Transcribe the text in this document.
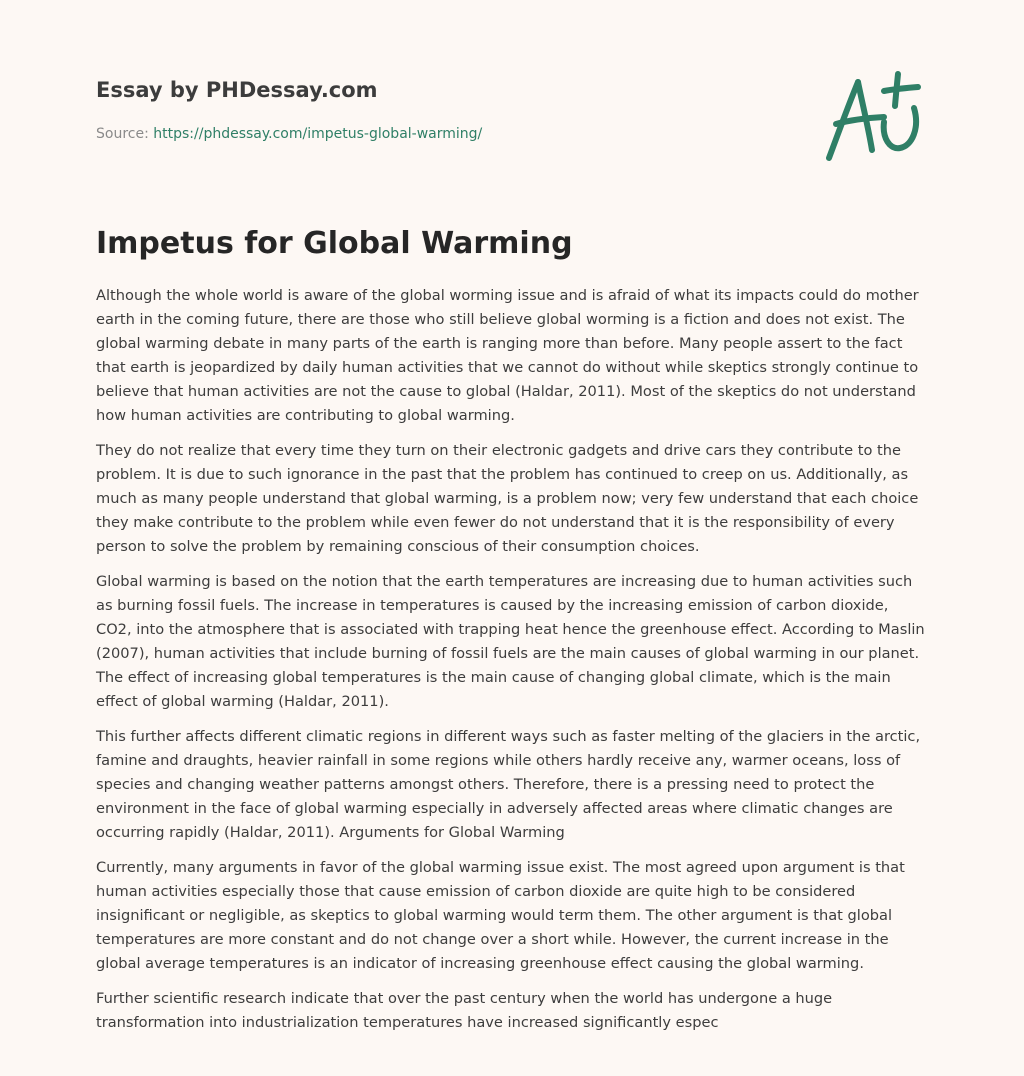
Essay by PHDessay.com
Source: https://phdessay.com/impetus-global-warming/
Impetus for Global Warming

Although the whole world is aware of the global worming issue and is afraid of what its impacts could do mother earth in the coming future, there are those who still believe global worming is a fiction and does not exist. The global warming debate in many parts of the earth is ranging more than before. Many people assert to the fact that earth is jeopardized by daily human activities that we cannot do without while skeptics strongly continue to believe that human activities are not the cause to global (Haldar, 2011). Most of the skeptics do not understand how human activities are contributing to global warming.

They do not realize that every time they turn on their electronic gadgets and drive cars they contribute to the problem. It is due to such ignorance in the past that the problem has continued to creep on us. Additionally, as much as many people understand that global warming, is a problem now; very few understand that each choice they make contribute to the problem while even fewer do not understand that it is the responsibility of every person to solve the problem by remaining conscious of their consumption choices.

Global warming is based on the notion that the earth temperatures are increasing due to human activities such as burning fossil fuels. The increase in temperatures is caused by the increasing emission of carbon dioxide, CO2, into the atmosphere that is associated with trapping heat hence the greenhouse effect. According to Maslin (2007), human activities that include burning of fossil fuels are the main causes of global warming in our planet. The effect of increasing global temperatures is the main cause of changing global climate, which is the main effect of global warming (Haldar, 2011).

This further affects different climatic regions in different ways such as faster melting of the glaciers in the arctic, famine and draughts, heavier rainfall in some regions while others hardly receive any, warmer oceans, loss of species and changing weather patterns amongst others. Therefore, there is a pressing need to protect the environment in the face of global warming especially in adversely affected areas where climatic changes are occurring rapidly (Haldar, 2011). Arguments for Global Warming

Currently, many arguments in favor of the global warming issue exist. The most agreed upon argument is that human activities especially those that cause emission of carbon dioxide are quite high to be considered insignificant or negligible, as skeptics to global warming would term them. The other argument is that global temperatures are more constant and do not change over a short while. However, the current increase in the global average temperatures is an indicator of increasing greenhouse effect causing the global warming.

Further scientific research indicate that over the past century when the world has undergone a huge transformation into industrialization temperatures have increased significantly espec
